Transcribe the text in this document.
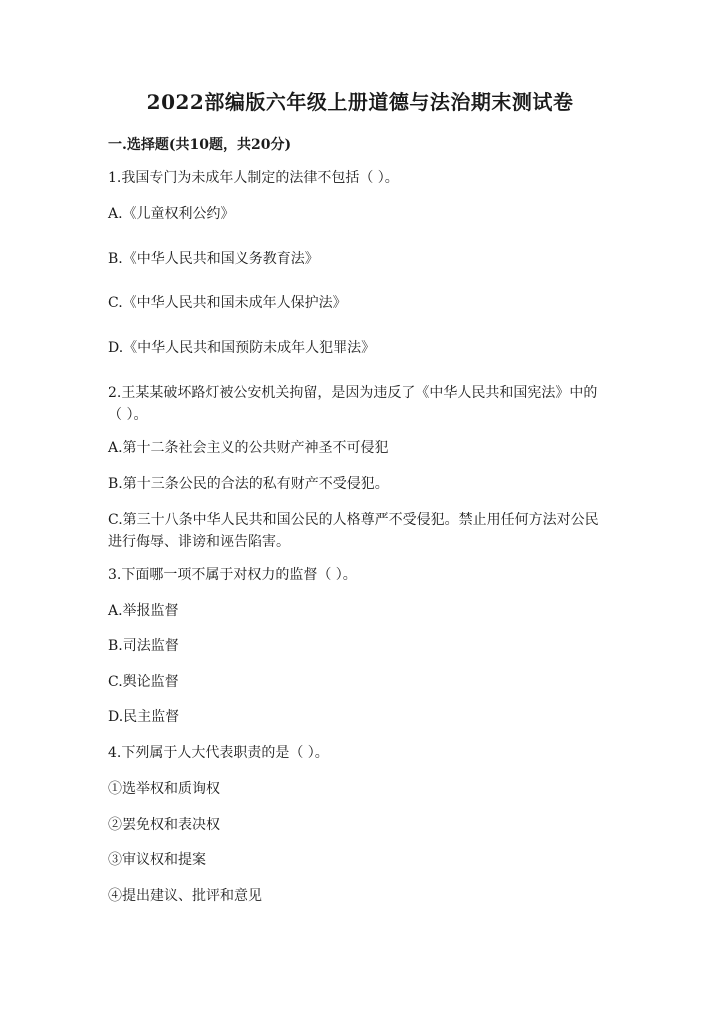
2022部编版六年级上册道德与法治期末测试卷
一.选择题(共10题，共20分)
1.我国专门为未成年人制定的法律不包括（ ）。
A.《儿童权利公约》
B.《中华人民共和国义务教育法》
C.《中华人民共和国未成年人保护法》
D.《中华人民共和国预防未成年人犯罪法》
2.王某某破坏路灯被公安机关拘留，是因为违反了《中华人民共和国宪法》中的（ ）。
A.第十二条社会主义的公共财产神圣不可侵犯
B.第十三条公民的合法的私有财产不受侵犯。
C.第三十八条中华人民共和国公民的人格尊严不受侵犯。禁止用任何方法对公民进行侮辱、诽谤和诬告陷害。
3.下面哪一项不属于对权力的监督（ ）。
A.举报监督
B.司法监督
C.舆论监督
D.民主监督
4.下列属于人大代表职责的是（ ）。
①选举权和质询权
②罢免权和表决权
③审议权和提案
④提出建议、批评和意见
